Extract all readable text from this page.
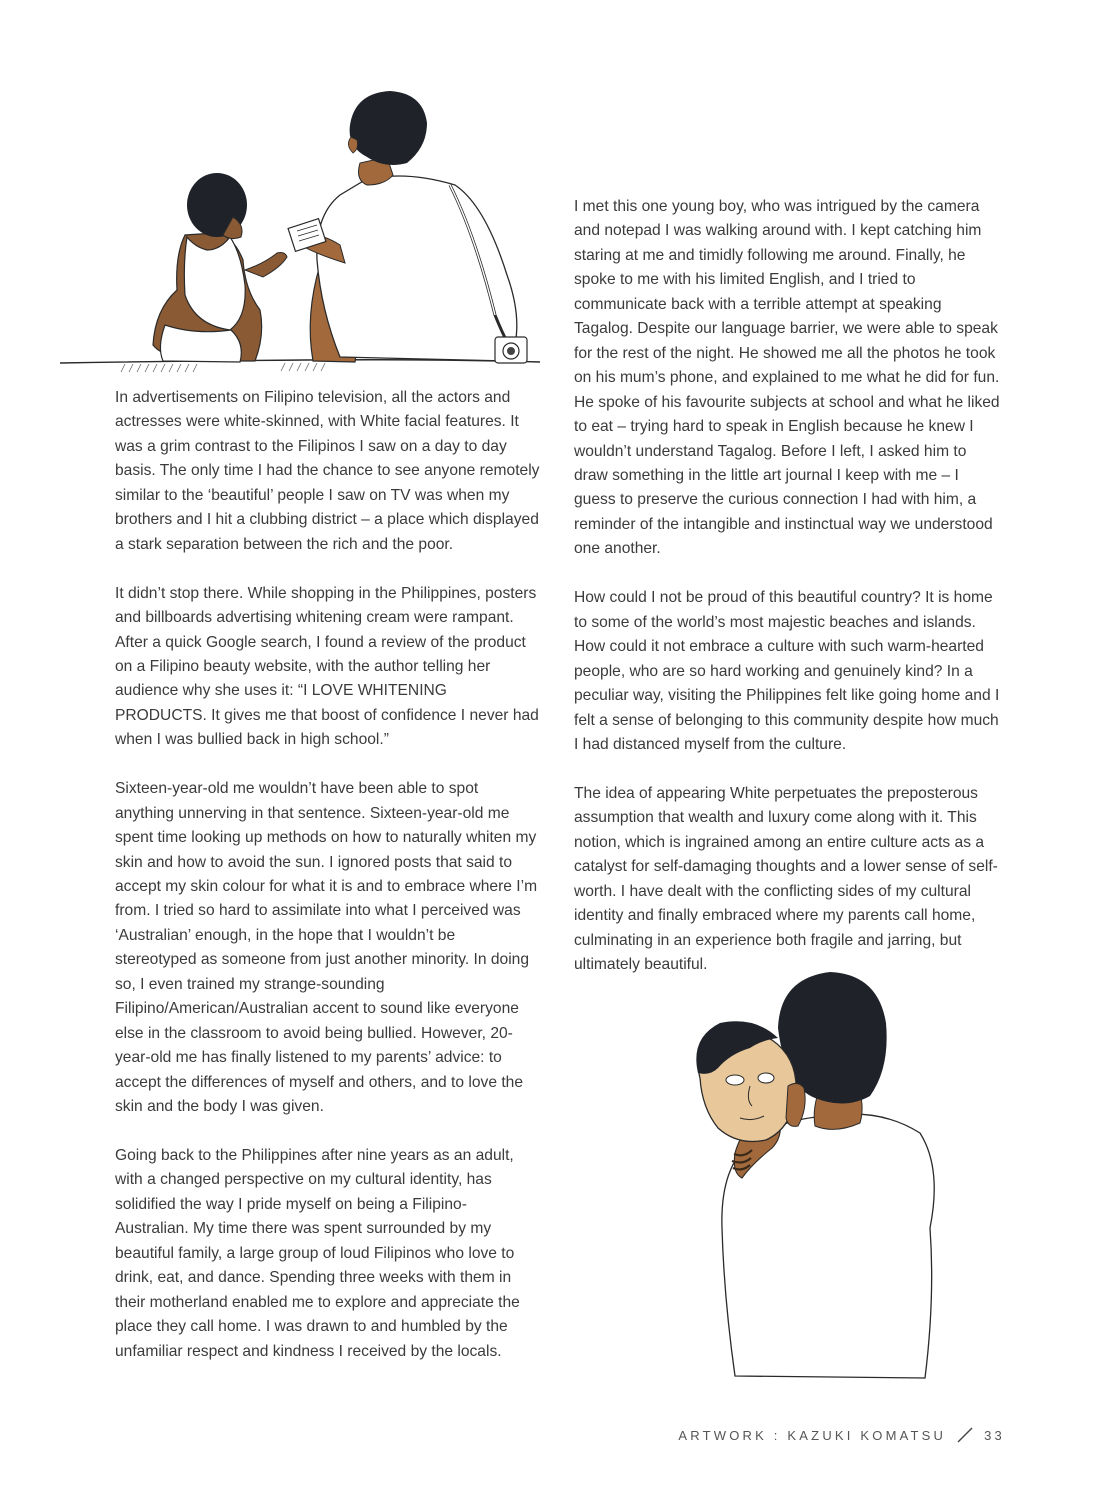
In advertisements on Filipino television, all the actors and actresses were white-skinned, with White facial features. It was a grim contrast to the Filipinos I saw on a day to day basis. The only time I had the chance to see anyone remotely similar to the ‘beautiful’ people I saw on TV was when my brothers and I hit a clubbing district – a place which displayed a stark separation between the rich and the poor.

It didn’t stop there. While shopping in the Philippines, posters and billboards advertising whitening cream were rampant. After a quick Google search, I found a review of the product on a Filipino beauty website, with the author telling her audience why she uses it: “I LOVE WHITENING PRODUCTS. It gives me that boost of confidence I never had when I was bullied back in high school.”

Sixteen-year-old me wouldn’t have been able to spot anything unnerving in that sentence. Sixteen-year-old me spent time looking up methods on how to naturally whiten my skin and how to avoid the sun. I ignored posts that said to accept my skin colour for what it is and to embrace where I’m from. I tried so hard to assimilate into what I perceived was ‘Australian’ enough, in the hope that I wouldn’t be stereotyped as someone from just another minority. In doing so, I even trained my strange-sounding Filipino/American/Australian accent to sound like everyone else in the classroom to avoid being bullied. However, 20-year-old me has finally listened to my parents’ advice: to accept the differences of myself and others, and to love the skin and the body I was given.

Going back to the Philippines after nine years as an adult, with a changed perspective on my cultural identity, has solidified the way I pride myself on being a Filipino-Australian. My time there was spent surrounded by my beautiful family, a large group of loud Filipinos who love to drink, eat, and dance. Spending three weeks with them in their motherland enabled me to explore and appreciate the place they call home. I was drawn to and humbled by the unfamiliar respect and kindness I received by the locals.

I met this one young boy, who was intrigued by the camera and notepad I was walking around with. I kept catching him staring at me and timidly following me around. Finally, he spoke to me with his limited English, and I tried to communicate back with a terrible attempt at speaking Tagalog. Despite our language barrier, we were able to speak for the rest of the night. He showed me all the photos he took on his mum’s phone, and explained to me what he did for fun. He spoke of his favourite subjects at school and what he liked to eat – trying hard to speak in English because he knew I wouldn’t understand Tagalog. Before I left, I asked him to draw something in the little art journal I keep with me – I guess to preserve the curious connection I had with him, a reminder of the intangible and instinctual way we understood one another.

How could I not be proud of this beautiful country? It is home to some of the world’s most majestic beaches and islands. How could it not embrace a culture with such warm-hearted people, who are so hard working and genuinely kind? In a peculiar way, visiting the Philippines felt like going home and I felt a sense of belonging to this community despite how much I had distanced myself from the culture.

The idea of appearing White perpetuates the preposterous assumption that wealth and luxury come along with it. This notion, which is ingrained among an entire culture acts as a catalyst for self-damaging thoughts and a lower sense of self-worth. I have dealt with the conflicting sides of my cultural identity and finally embraced where my parents call home, culminating in an experience both fragile and jarring, but ultimately beautiful.

ARTWORK : KAZUKI KOMATSU	33
